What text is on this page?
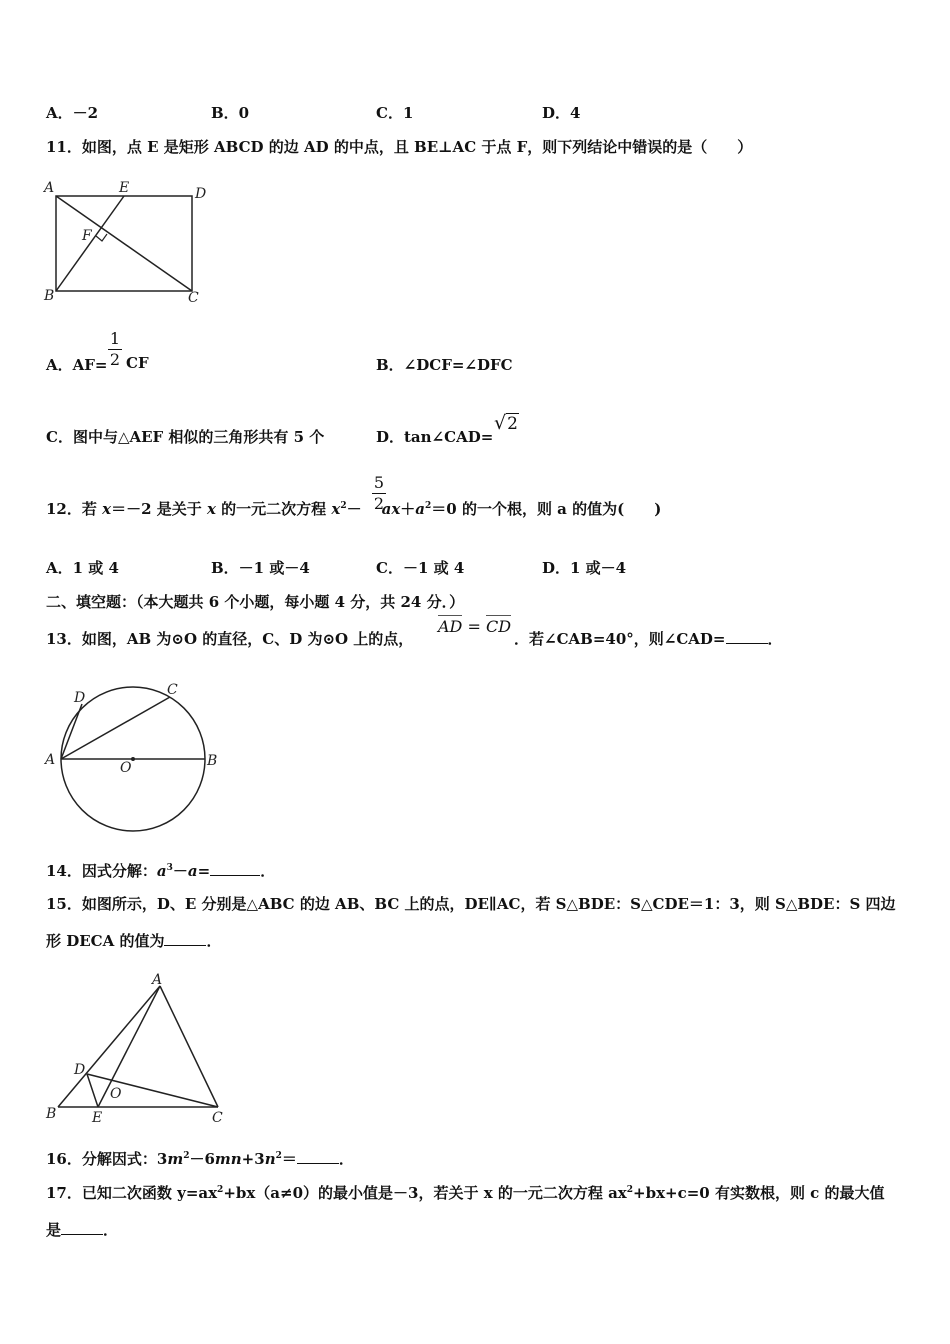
A．－2	B．0	C．1	D．4
11．如图，点 E 是矩形 ABCD 的边 AD 的中点，且 BE⊥AC 于点 F，则下列结论中错误的是（　　）
A	E	D
F
B	C
A．AF=
1
2 CF	B．∠DCF=∠DFC
C．图中与△AEF 相似的三角形共有 5 个	D．tan∠CAD=
√2
12．若 x＝－2 是关于 x 的一元二次方程 $x^2- ax+a^2=0$ 的一个根，则 a 的值为(　　)
5
2
A．1 或 4	B．－1 或－4	C．－1 或 4	D．1 或－4
二、填空题：（本大题共 6 个小题，每小题 4 分，共 24 分．）
13．如图，AB 为⊙O 的直径，C、D 为⊙O 上的点，
AD = CD
．若∠CAB=40°，则∠CAD=	．
D	C
A	O	B
14．因式分解：$a^3-a=$	．
15．如图所示，D、E 分别是△ABC 的边 AB、BC 上的点，DE∥AC，若 S△BDE：S△CDE＝1：3，则 S△BDE：S 四边
形 DECA 的值为	．
A
D
O
B	E	C
16．分解因式：$3m^2-6mn+3n^2=$	．
17．已知二次函数 $y=ax^2+bx(a\ne 0)$的最小值是－3，若关于 x 的一元二次方程 $ax^2+bx+c=0$ 有实数根，则 c 的最大值
是	．
